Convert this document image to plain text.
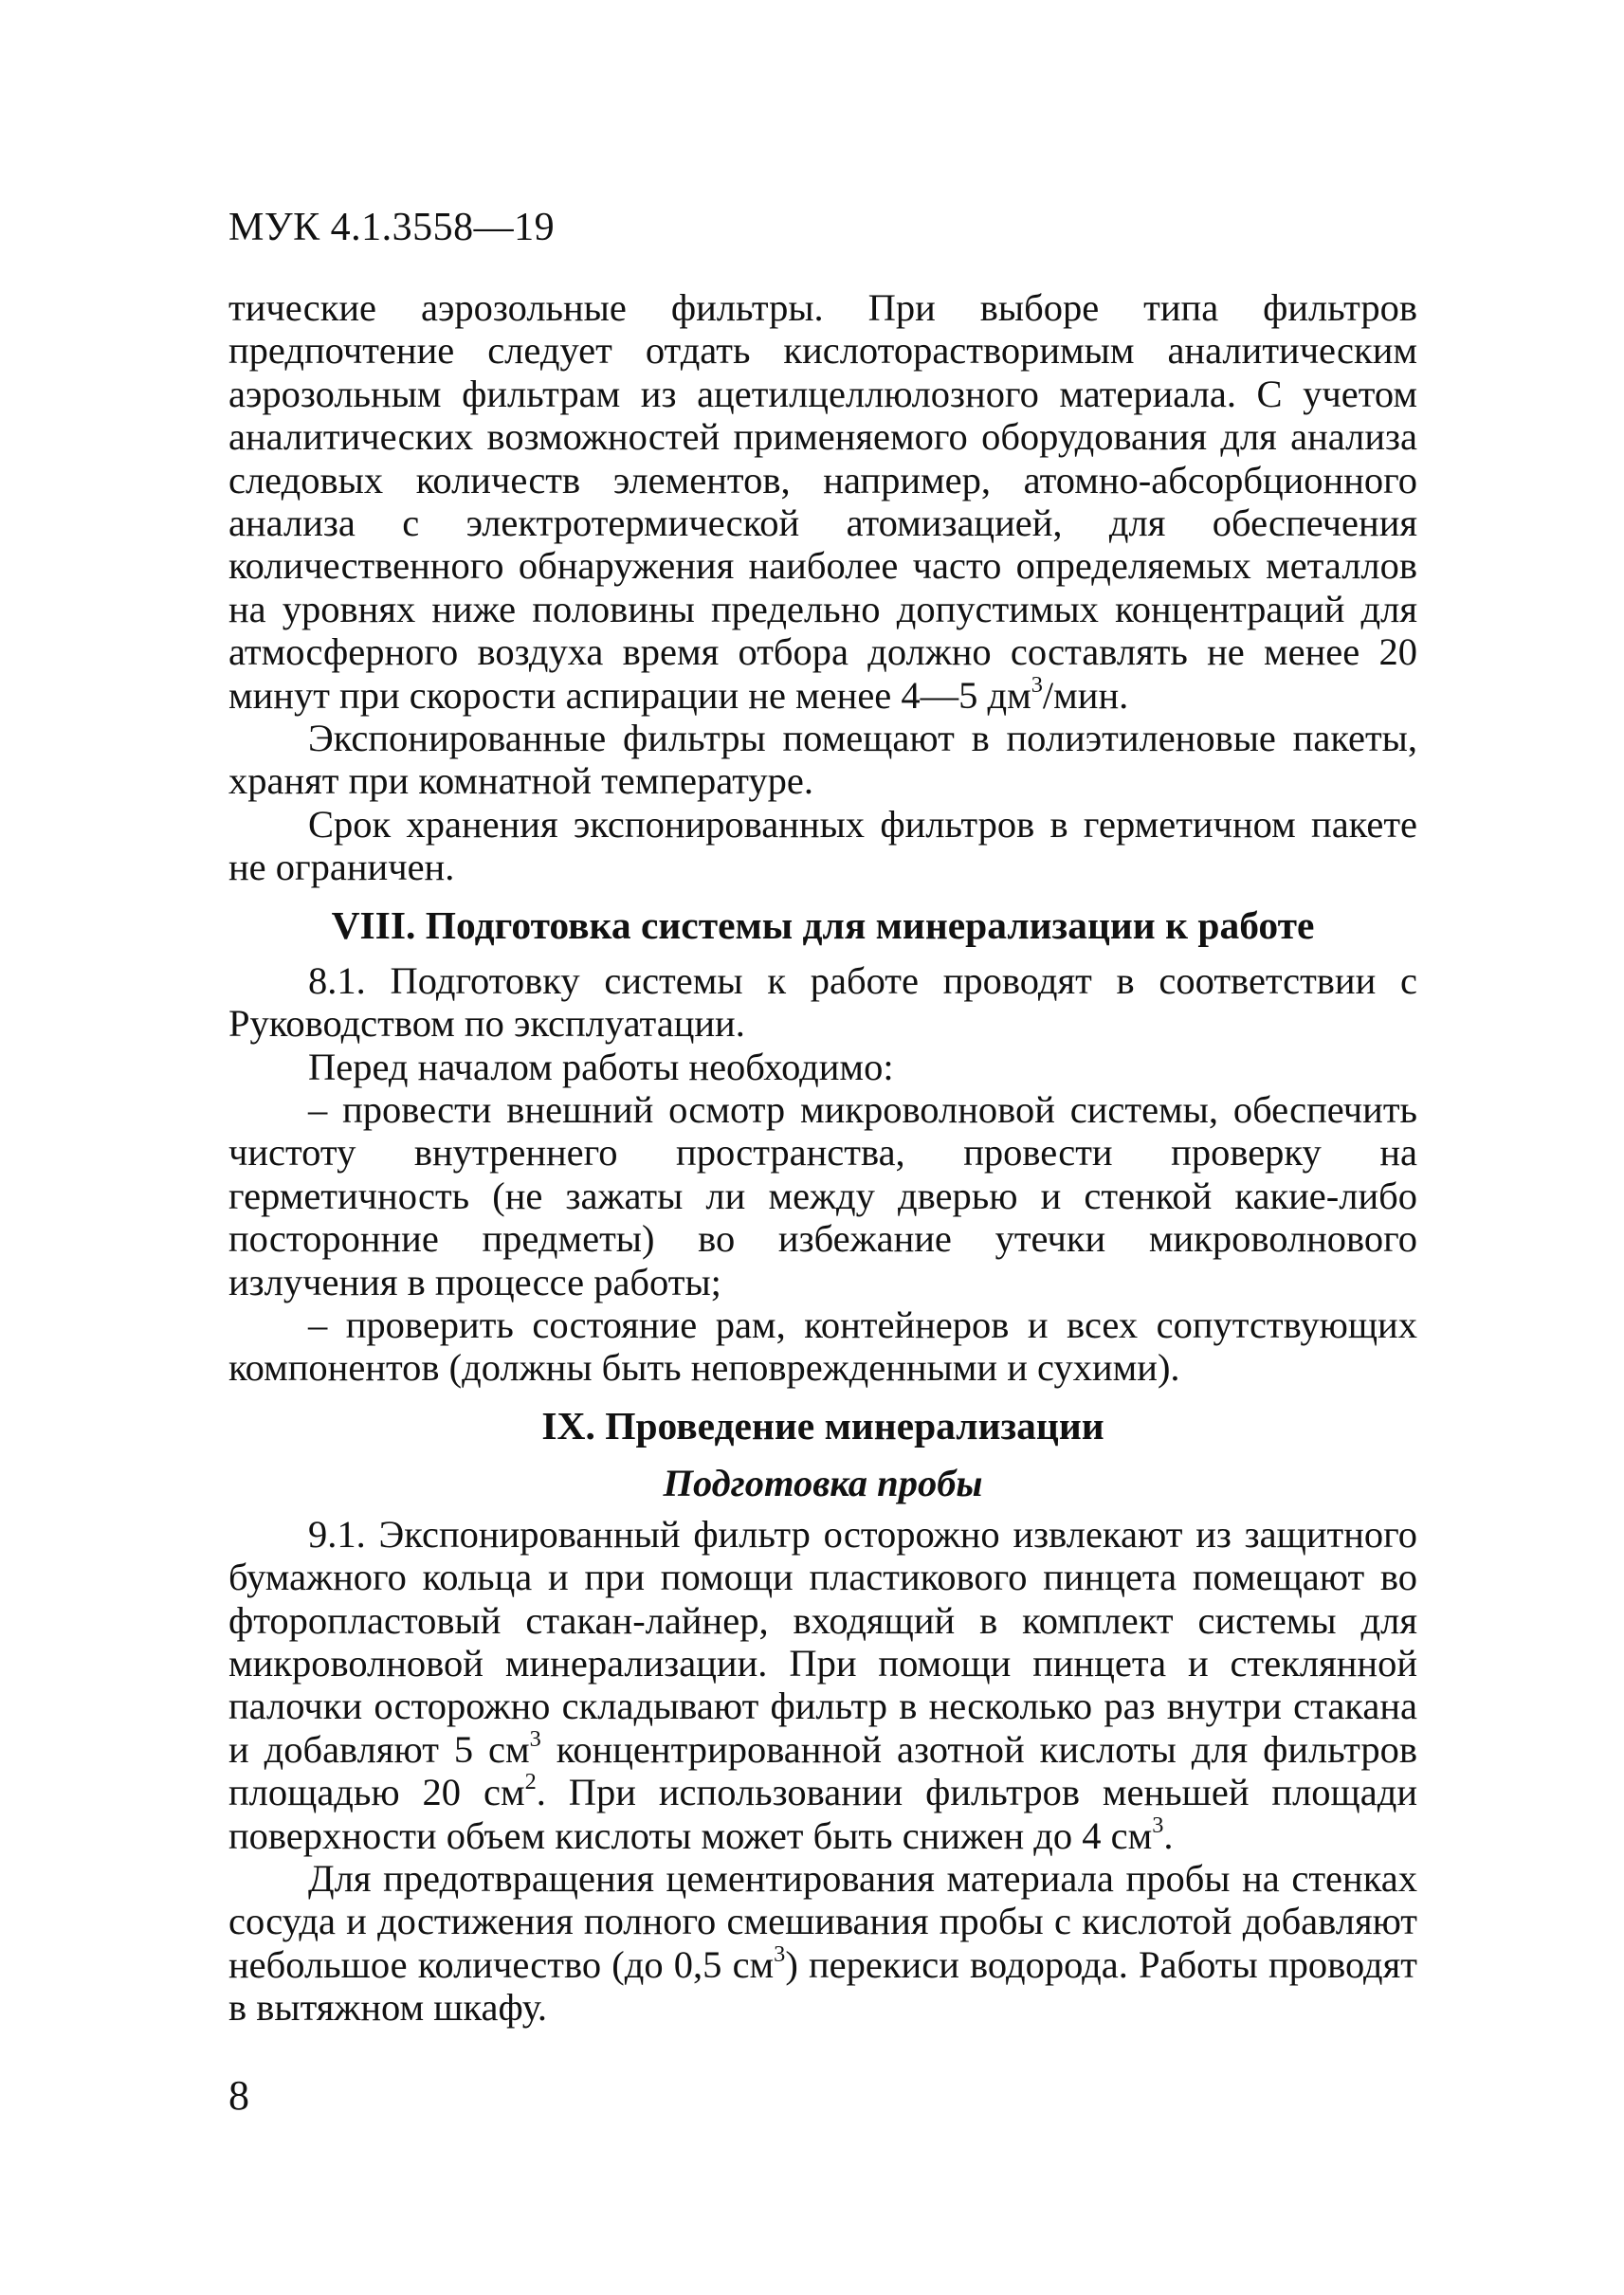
МУК 4.1.3558—19

тические аэрозольные фильтры. При выборе типа фильтров предпочтение следует отдать кислоторастворимым аналитическим аэрозольным фильтрам из ацетилцеллюлозного материала. С учетом аналитических возможностей применяемого оборудования для анализа следовых количеств элементов, например, атомно-абсорбционного анализа с электротермической атомизацией, для обеспечения количественного обнаружения наиболее часто определяемых металлов на уровнях ниже половины предельно допустимых концентраций для атмосферного воздуха время отбора должно составлять не менее 20 минут при скорости аспирации не менее 4—5 $дм^3$/мин.

Экспонированные фильтры помещают в полиэтиленовые пакеты, хранят при комнатной температуре.

Срок хранения экспонированных фильтров в герметичном пакете не ограничен.

VIII. Подготовка системы для минерализации к работе

8.1. Подготовку системы к работе проводят в соответствии с Руководством по эксплуатации.

Перед началом работы необходимо:

– провести внешний осмотр микроволновой системы, обеспечить чистоту внутреннего пространства, провести проверку на герметичность (не зажаты ли между дверью и стенкой какие-либо посторонние предметы) во избежание утечки микроволнового излучения в процессе работы;

– проверить состояние рам, контейнеров и всех сопутствующих компонентов (должны быть неповрежденными и сухими).

IX. Проведение минерализации
Подготовка пробы

9.1. Экспонированный фильтр осторожно извлекают из защитного бумажного кольца и при помощи пластикового пинцета помещают во фторопластовый стакан-лайнер, входящий в комплект системы для микроволновой минерализации. При помощи пинцета и стеклянной палочки осторожно складывают фильтр в несколько раз внутри стакана и добавляют 5 $см^3$ концентрированной азотной кислоты для фильтров площадью 20 $см^2$. При использовании фильтров меньшей площади поверхности объем кислоты может быть снижен до 4 $см^3$.

Для предотвращения цементирования материала пробы на стенках сосуда и достижения полного смешивания пробы с кислотой добавляют небольшое количество (до 0,5 $см^3$) перекиси водорода. Работы проводят в вытяжном шкафу.

8
